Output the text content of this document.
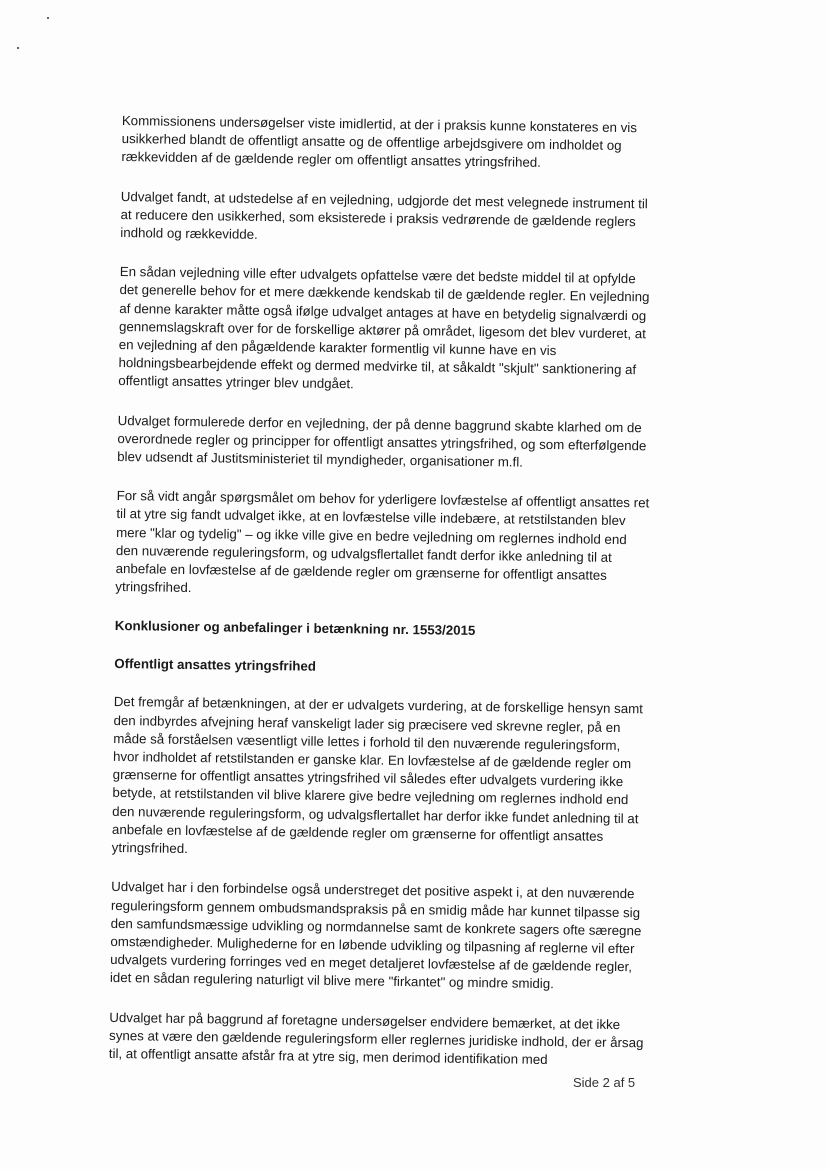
Kommissionens undersøgelser viste imidlertid, at der i praksis kunne konstateres en vis usikkerhed blandt de offentligt ansatte og de offentlige arbejdsgivere om indholdet og rækkevidden af de gældende regler om offentligt ansattes ytringsfrihed.

Udvalget fandt, at udstedelse af en vejledning, udgjorde det mest velegnede instrument til at reducere den usikkerhed, som eksisterede i praksis vedrørende de gældende reglers indhold og rækkevidde.

En sådan vejledning ville efter udvalgets opfattelse være det bedste middel til at opfylde det generelle behov for et mere dækkende kendskab til de gældende regler. En vejledning af denne karakter måtte også ifølge udvalget antages at have en betydelig signalværdi og gennemslagskraft over for de forskellige aktører på området, ligesom det blev vurderet, at en vejledning af den pågældende karakter formentlig vil kunne have en vis holdningsbearbejdende effekt og dermed medvirke til, at såkaldt "skjult" sanktionering af offentligt ansattes ytringer blev undgået.

Udvalget formulerede derfor en vejledning, der på denne baggrund skabte klarhed om de overordnede regler og principper for offentligt ansattes ytringsfrihed, og som efterfølgende blev udsendt af Justitsministeriet til myndigheder, organisationer m.fl.

For så vidt angår spørgsmålet om behov for yderligere lovfæstelse af offentligt ansattes ret til at ytre sig fandt udvalget ikke, at en lovfæstelse ville indebære, at retstilstanden blev mere "klar og tydelig" – og ikke ville give en bedre vejledning om reglernes indhold end den nuværende reguleringsform, og udvalgsflertallet fandt derfor ikke anledning til at anbefale en lovfæstelse af de gældende regler om grænserne for offentligt ansattes ytringsfrihed.

Konklusioner og anbefalinger i betænkning nr. 1553/2015
Offentligt ansattes ytringsfrihed

Det fremgår af betænkningen, at der er udvalgets vurdering, at de forskellige hensyn samt den indbyrdes afvejning heraf vanskeligt lader sig præcisere ved skrevne regler, på en måde så forståelsen væsentligt ville lettes i forhold til den nuværende reguleringsform, hvor indholdet af retstilstanden er ganske klar. En lovfæstelse af de gældende regler om grænserne for offentligt ansattes ytringsfrihed vil således efter udvalgets vurdering ikke betyde, at retstilstanden vil blive klarere give bedre vejledning om reglernes indhold end den nuværende reguleringsform, og udvalgsflertallet har derfor ikke fundet anledning til at anbefale en lovfæstelse af de gældende regler om grænserne for offentligt ansattes ytringsfrihed.

Udvalget har i den forbindelse også understreget det positive aspekt i, at den nuværende reguleringsform gennem ombudsmandspraksis på en smidig måde har kunnet tilpasse sig den samfundsmæssige udvikling og normdannelse samt de konkrete sagers ofte særegne omstændigheder. Mulighederne for en løbende udvikling og tilpasning af reglerne vil efter udvalgets vurdering forringes ved en meget detaljeret lovfæstelse af de gældende regler, idet en sådan regulering naturligt vil blive mere "firkantet" og mindre smidig.

Udvalget har på baggrund af foretagne undersøgelser endvidere bemærket, at det ikke synes at være den gældende reguleringsform eller reglernes juridiske indhold, der er årsag til, at offentligt ansatte afstår fra at ytre sig, men derimod identifikation med

Side 2 af 5
